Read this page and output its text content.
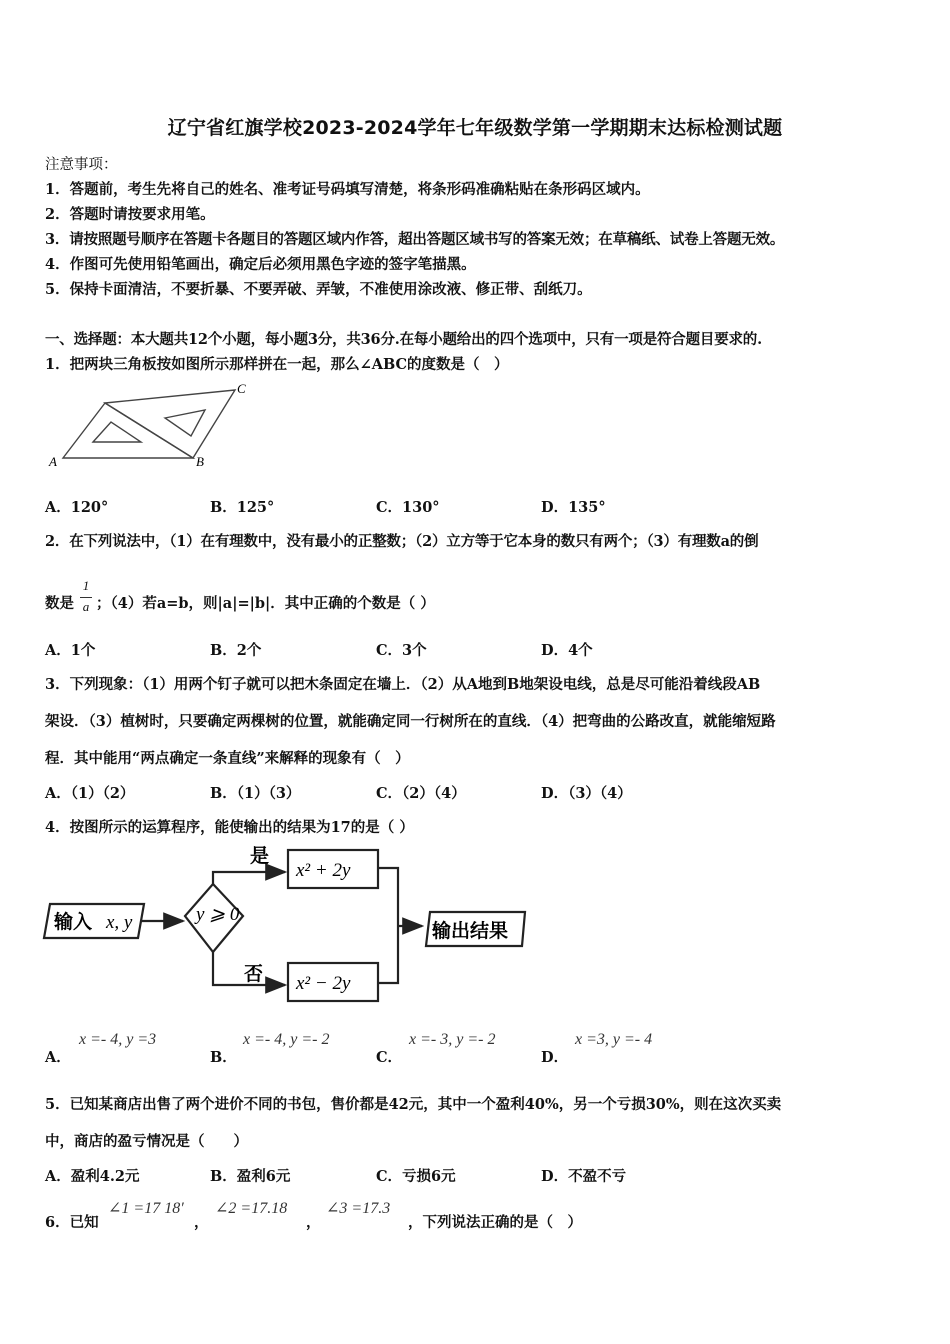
辽宁省红旗学校2023-2024学年七年级数学第一学期期末达标检测试题
注意事项：
1．答题前，考生先将自己的姓名、准考证号码填写清楚，将条形码准确粘贴在条形码区域内。
2．答题时请按要求用笔。
3．请按照题号顺序在答题卡各题目的答题区域内作答，超出答题区域书写的答案无效；在草稿纸、试卷上答题无效。
4．作图可先使用铅笔画出，确定后必须用黑色字迹的签字笔描黑。
5．保持卡面清洁，不要折暴、不要弄破、弄皱，不准使用涂改液、修正带、刮纸刀。
一、选择题：本大题共12个小题，每小题3分，共36分.在每小题给出的四个选项中，只有一项是符合题目要求的.
1．把两块三角板按如图所示那样拼在一起，那么∠ABC的度数是（　）
A	B
C
A．120°	B．125°	C．130°	D．135°
2．在下列说法中，（1）在有理数中，没有最小的正整数；（2）立方等于它本身的数只有两个；（3）有理数a的倒
数是
1
a ；（4）若a=b，则|a|=|b|．其中正确的个数是（ ）
A．1个	B．2个	C．3个	D．4个
3．下列现象：（1）用两个钉子就可以把木条固定在墙上．（2）从A地到B地架设电线，总是尽可能沿着线段AB
架设．（3）植树时，只要确定两棵树的位置，就能确定同一行树所在的直线．（4）把弯曲的公路改直，就能缩短路
程．其中能用“两点确定一条直线”来解释的现象有（　）
A．（1）（2）	B．（1）（3）	C．（2）（4）	D．（3）（4）
4．按图所示的运算程序，能使输出的结果为17的是（ ）
输入 x, y	y ⩾ 0
是
否
x² + 2y
x² − 2y
输出结果
A．
x =- 4, y =3
B．
x =- 4, y =- 2
C．
x =- 3, y =- 2
D．
x =3, y =- 4
5．已知某商店出售了两个进价不同的书包，售价都是42元，其中一个盈利40%，另一个亏损30%，则在这次买卖
中，商店的盈亏情况是（　　）
A．盈利4.2元	B．盈利6元	C．亏损6元	D．不盈不亏
6．已知
∠1 =17 18′
，
∠2 =17.18
，
∠3 =17.3
，下列说法正确的是（　）
